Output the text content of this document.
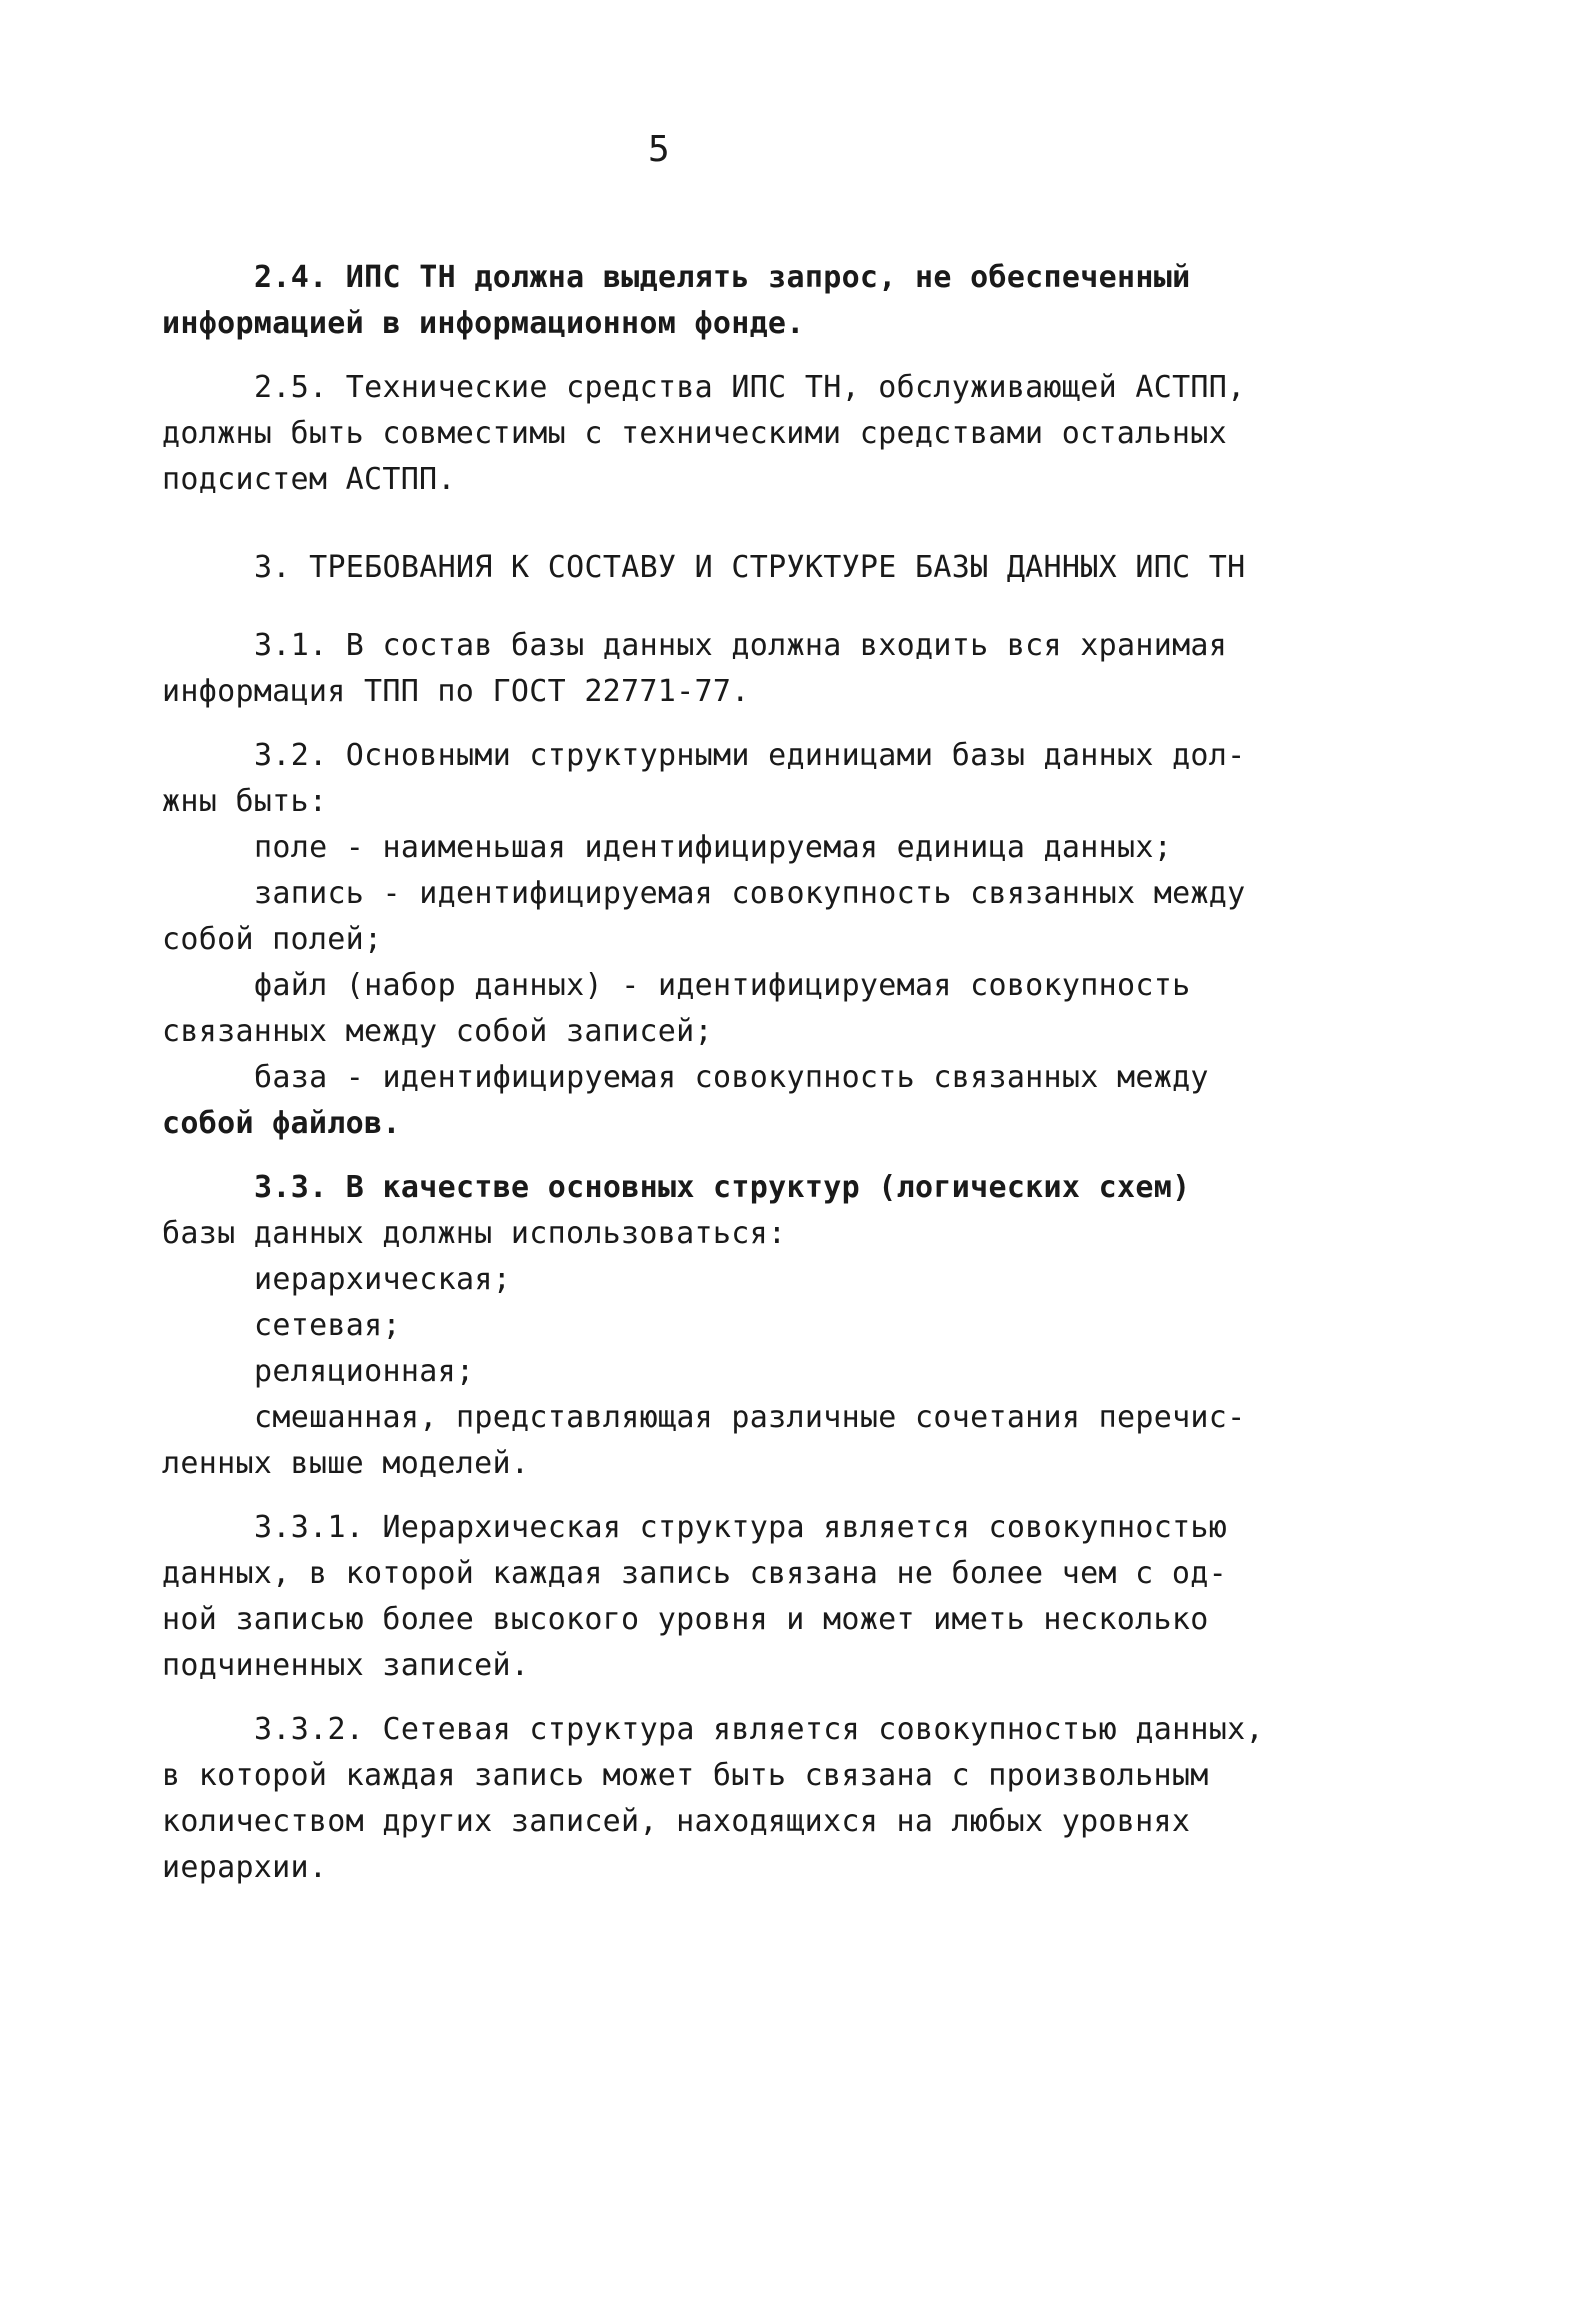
5
2.4. ИПС ТН должна выделять запрос, не обеспеченный
информацией в информационном фонде.
2.5. Технические средства ИПС ТН, обслуживающей АСТПП,
должны быть совместимы с техническими средствами остальных
подсистем АСТПП.
3. ТРЕБОВАНИЯ К СОСТАВУ И СТРУКТУРЕ БАЗЫ ДАННЫХ ИПС ТН
3.1. В состав базы данных должна входить вся хранимая
информация ТПП по ГОСТ 22771-77.
3.2. Основными структурными единицами базы данных дол-
жны быть:
поле - наименьшая идентифицируемая единица данных;
запись - идентифицируемая совокупность связанных между
собой полей;
файл (набор данных) - идентифицируемая совокупность
связанных между собой записей;
база - идентифицируемая совокупность связанных между
собой файлов.
3.3. В качестве основных структур (логических схем)
базы данных должны использоваться:
иерархическая;
сетевая;
реляционная;
смешанная, представляющая различные сочетания перечис-
ленных выше моделей.
3.3.1. Иерархическая структура является совокупностью
данных, в которой каждая запись связана не более чем с од-
ной записью более высокого уровня и может иметь несколько
подчиненных записей.
3.3.2. Сетевая структура является совокупностью данных,
в которой каждая запись может быть связана с произвольным
количеством других записей, находящихся на любых уровнях
иерархии.
